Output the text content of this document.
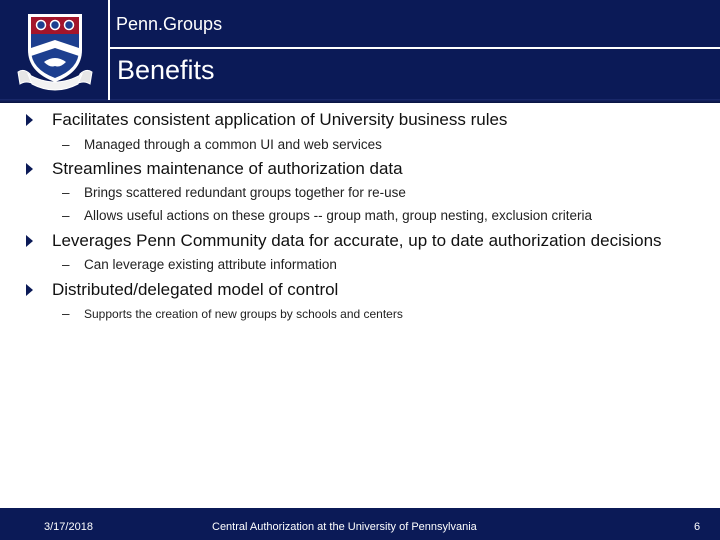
Penn.Groups
Benefits
Facilitates consistent application of University business rules
–	Managed through a common UI and web services
Streamlines maintenance of authorization data
–	Brings scattered redundant groups together for re-use
–	Allows useful actions on these groups -- group math, group nesting, exclusion criteria
Leverages Penn Community data for accurate, up to date authorization decisions
–	Can leverage existing attribute information
Distributed/delegated model of control
–	Supports the creation of new groups by schools and centers
3/17/2018	Central Authorization at the University of Pennsylvania	6
